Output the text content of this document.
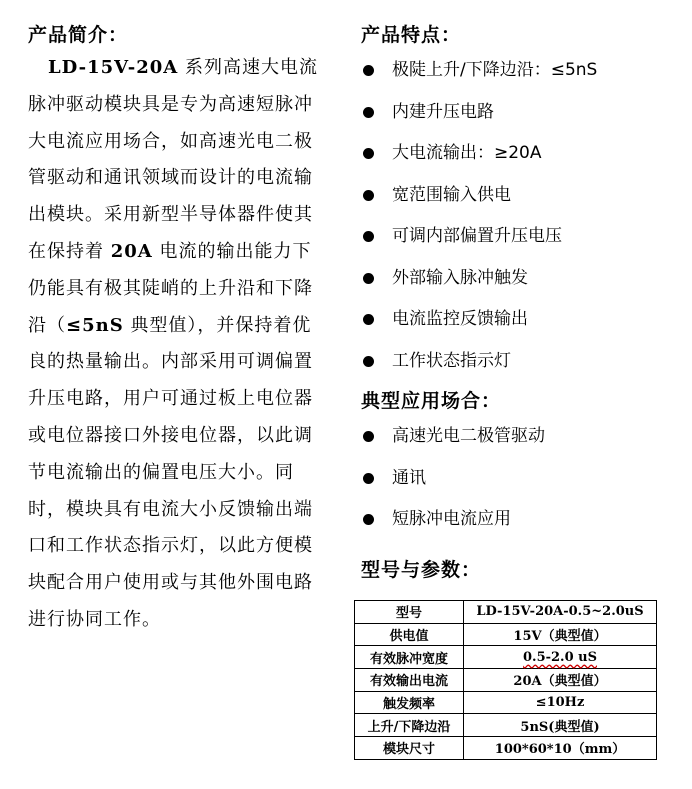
产品简介：

LD-15V-20A 系列高速大电流脉冲驱动模块具是专为高速短脉冲大电流应用场合，如高速光电二极管驱动和通讯领域而设计的电流输出模块。采用新型半导体器件使其在保持着 20A 电流的输出能力下仍能具有极其陡峭的上升沿和下降沿（≤5nS 典型值），并保持着优良的热量输出。内部采用可调偏置升压电路，用户可通过板上电位器或电位器接口外接电位器，以此调节电流输出的偏置电压大小。同时，模块具有电流大小反馈输出端口和工作状态指示灯，以此方便模块配合用户使用或与其他外围电路进行协同工作。

产品特点：
极陡上升/下降边沿：≤5nS
内建升压电路
大电流输出：≥20A
宽范围输入供电
可调内部偏置升压电压
外部输入脉冲触发
电流监控反馈输出
工作状态指示灯
典型应用场合：
高速光电二极管驱动
通讯
短脉冲电流应用
型号与参数：
型号	LD-15V-20A-0.5~2.0uS
供电值	15V（典型值）
有效脉冲宽度	0.5-2.0 uS
有效输出电流	20A（典型值）
触发频率	≤10Hz
上升/下降边沿	5nS(典型值)
模块尺寸	100*60*10（mm）
